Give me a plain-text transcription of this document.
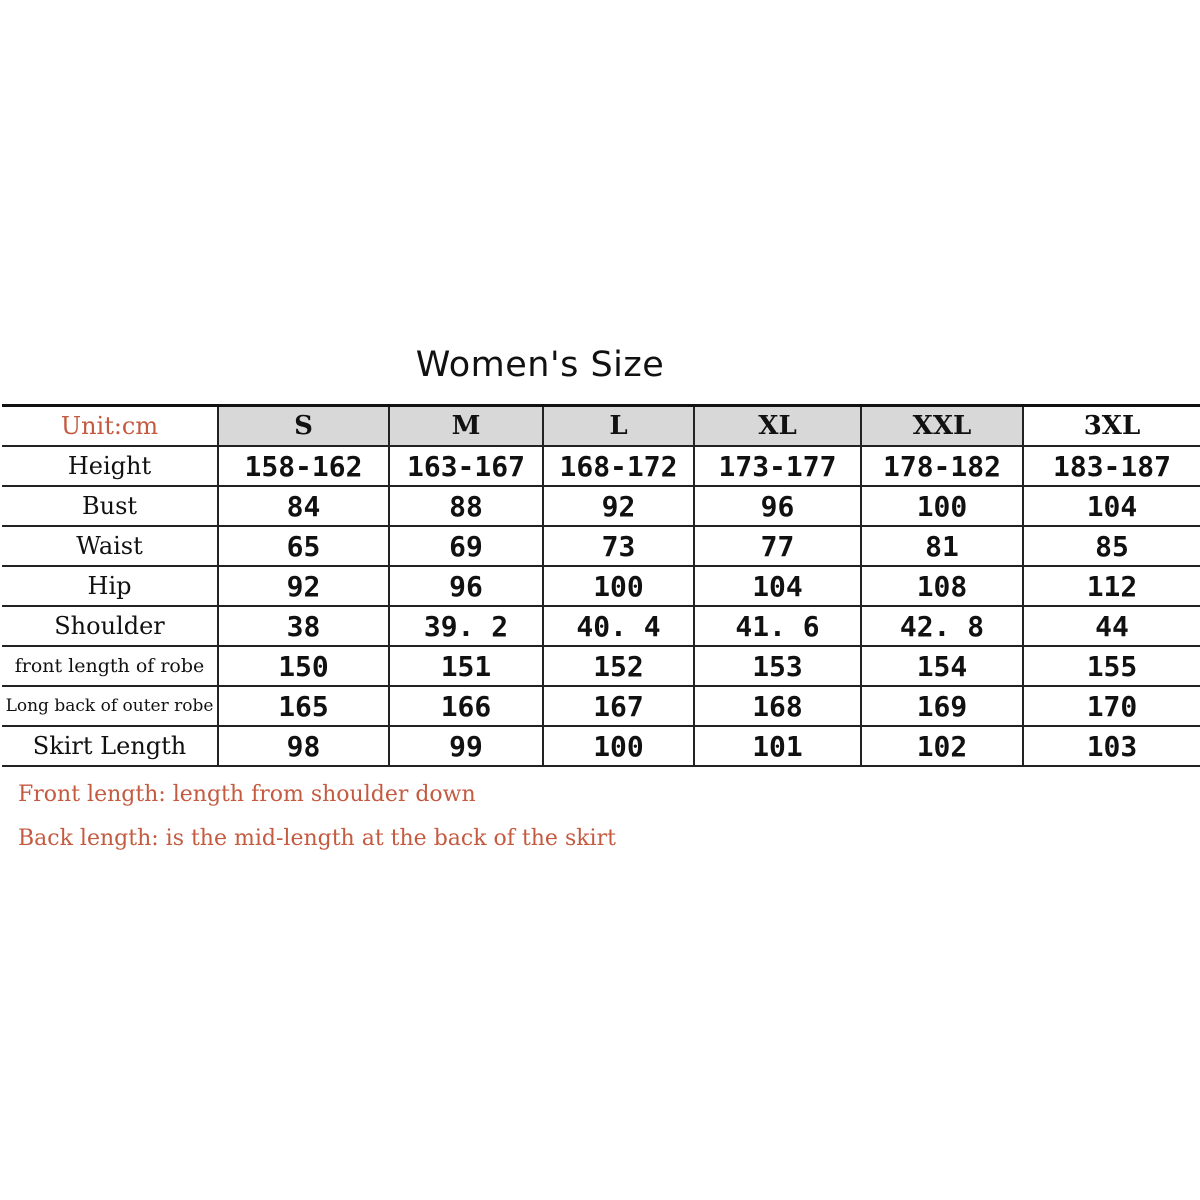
Women's Size
Unit:cm	S	M	L	XL	XXL	3XL
Height	158-162	163-167	168-172	173-177	178-182	183-187
Bust	84	88	92	96	100	104
Waist	65	69	73	77	81	85
Hip	92	96	100	104	108	112
Shoulder	38	39. 2	40. 4	41. 6	42. 8	44
front length of robe	150	151	152	153	154	155
Long back of outer robe	165	166	167	168	169	170
Skirt Length	98	99	100	101	102	103
Front length: length from shoulder down
Back length: is the mid-length at the back of the skirt
